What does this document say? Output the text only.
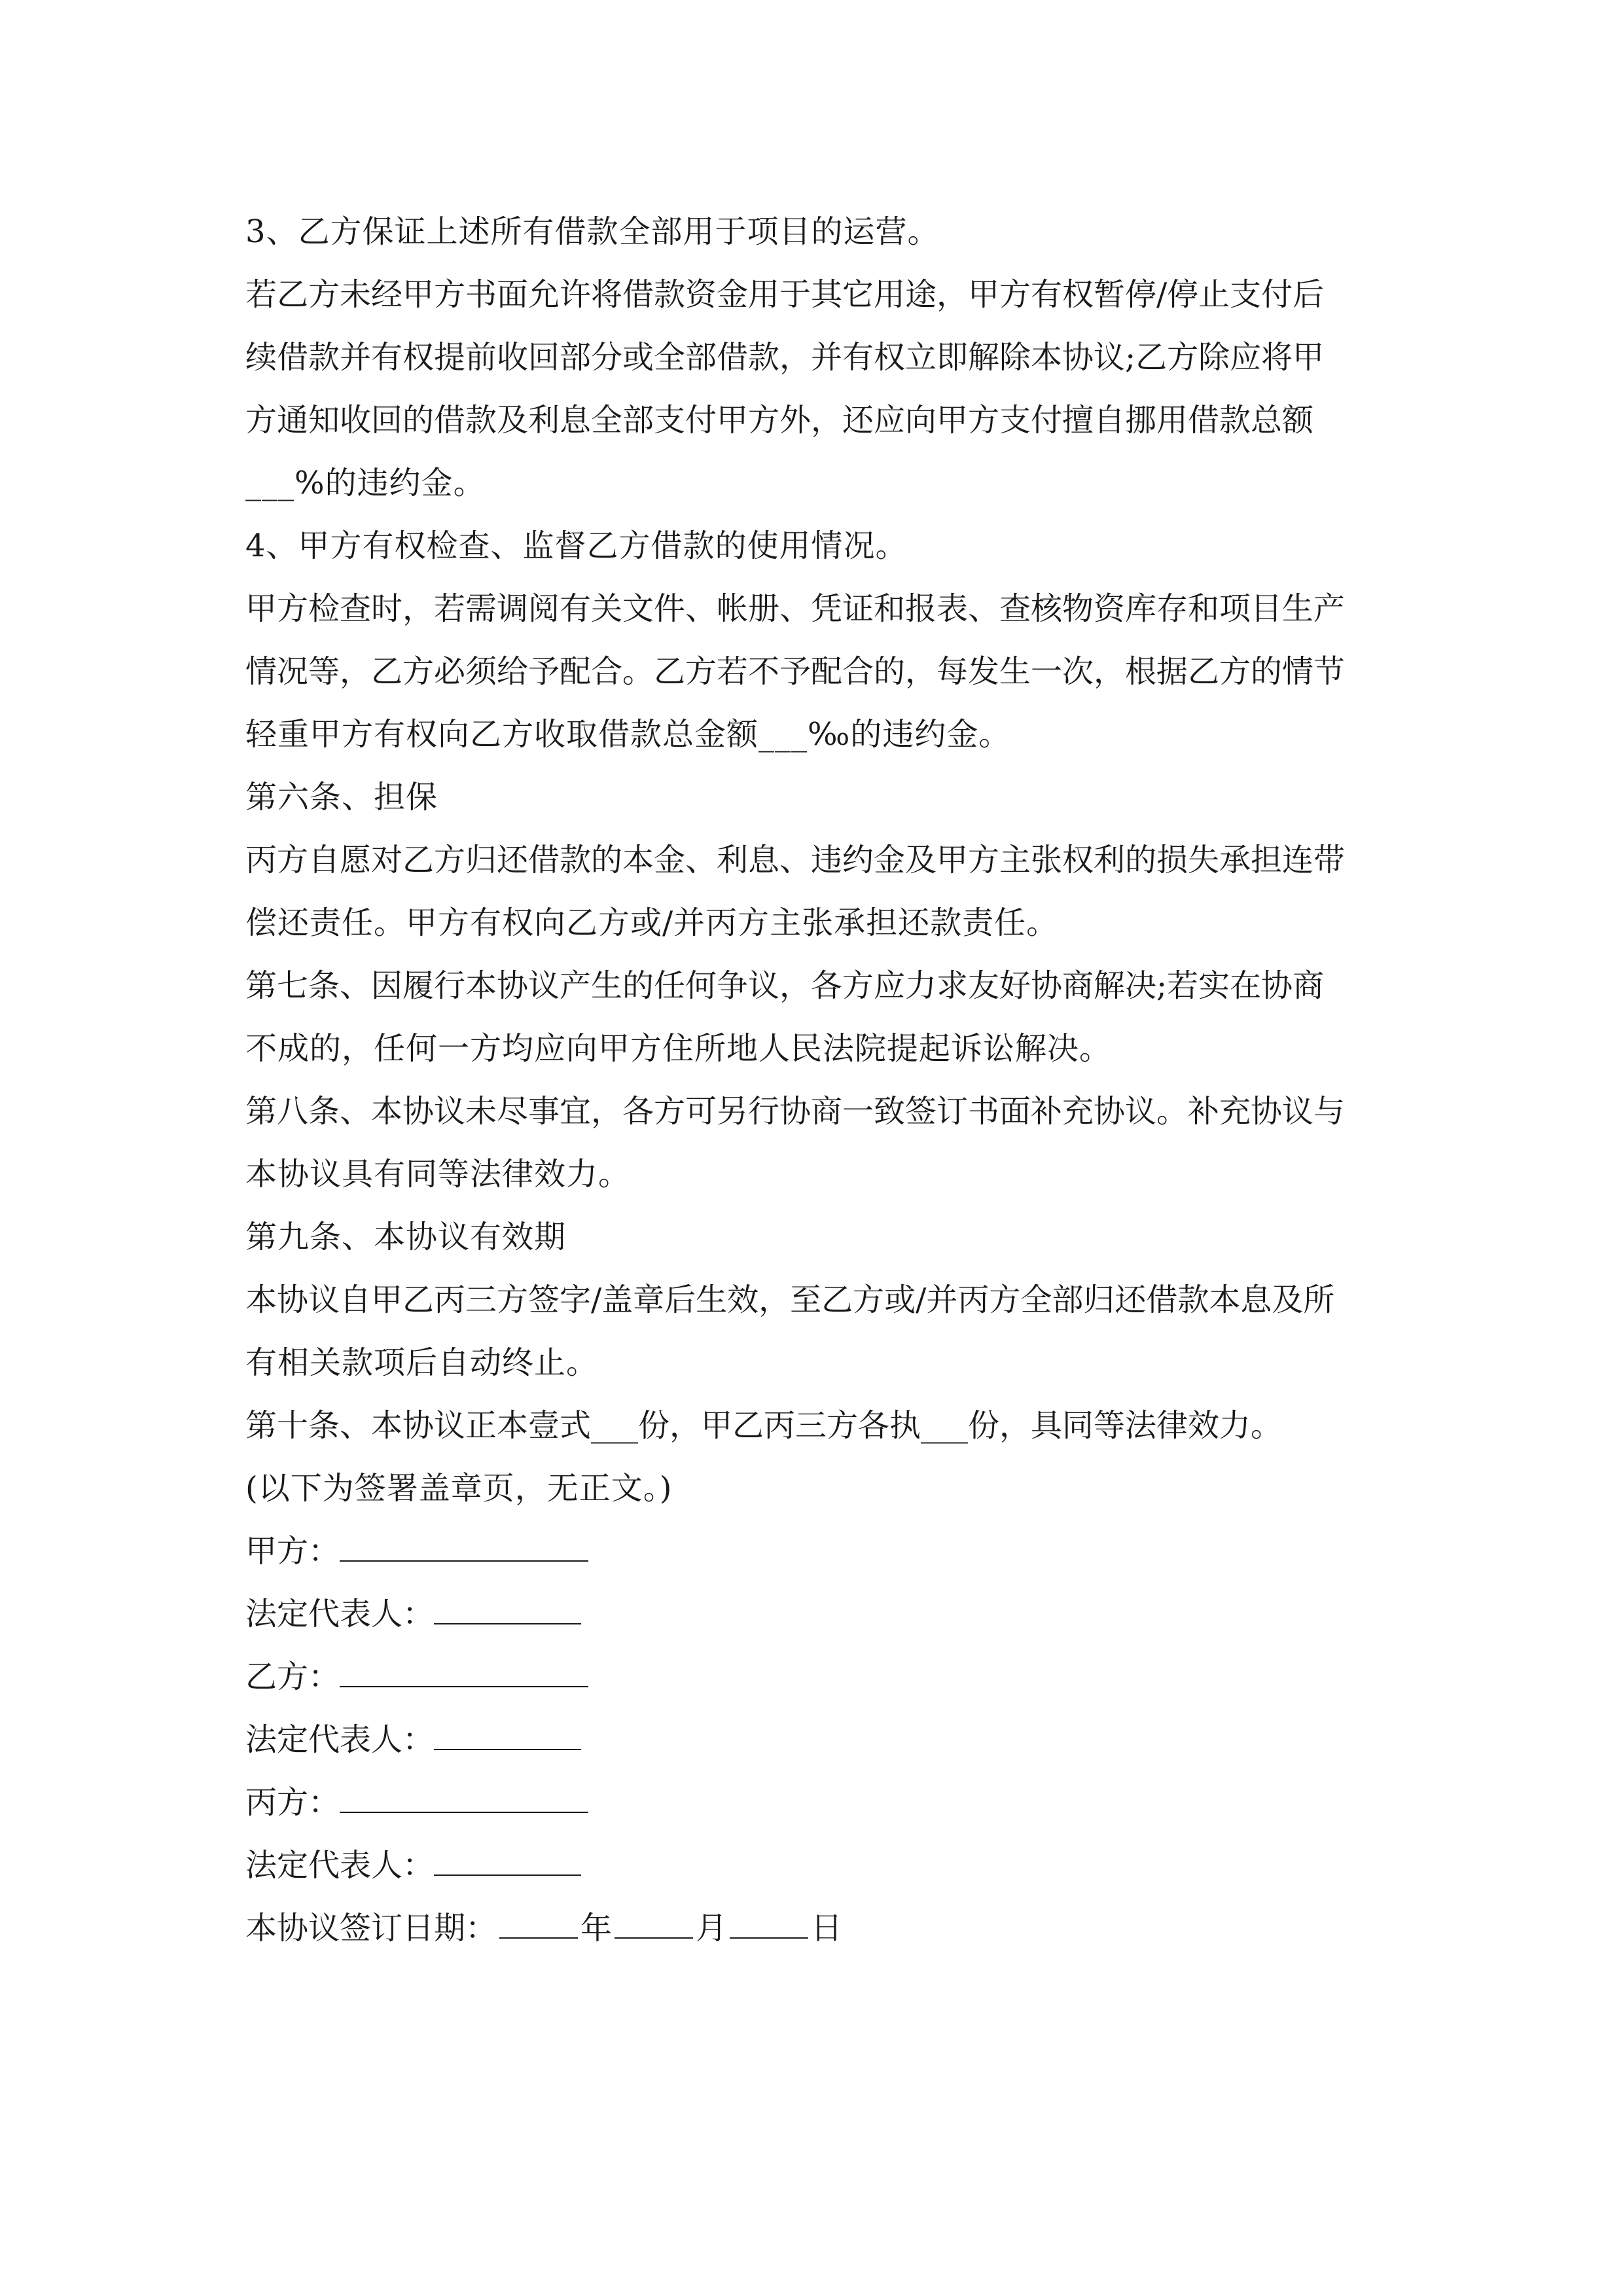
3、乙方保证上述所有借款全部用于项目的运营。
若乙方未经甲方书面允许将借款资金用于其它用途，甲方有权暂停/停止支付后
续借款并有权提前收回部分或全部借款，并有权立即解除本协议;乙方除应将甲
方通知收回的借款及利息全部支付甲方外，还应向甲方支付擅自挪用借款总额
___%的违约金。
4、甲方有权检查、监督乙方借款的使用情况。
甲方检查时，若需调阅有关文件、帐册、凭证和报表、查核物资库存和项目生产
情况等，乙方必须给予配合。乙方若不予配合的，每发生一次，根据乙方的情节
轻重甲方有权向乙方收取借款总金额___‰的违约金。
第六条、担保
丙方自愿对乙方归还借款的本金、利息、违约金及甲方主张权利的损失承担连带
偿还责任。甲方有权向乙方或/并丙方主张承担还款责任。
第七条、因履行本协议产生的任何争议，各方应力求友好协商解决;若实在协商
不成的，任何一方均应向甲方住所地人民法院提起诉讼解决。
第八条、本协议未尽事宜，各方可另行协商一致签订书面补充协议。补充协议与
本协议具有同等法律效力。
第九条、本协议有效期
本协议自甲乙丙三方签字/盖章后生效，至乙方或/并丙方全部归还借款本息及所
有相关款项后自动终止。
第十条、本协议正本壹式___份，甲乙丙三方各执___份，具同等法律效力。
(以下为签署盖章页，无正文。)
甲方：
法定代表人：
乙方：
法定代表人：
丙方：
法定代表人：
本协议签订日期：	年	月	日
